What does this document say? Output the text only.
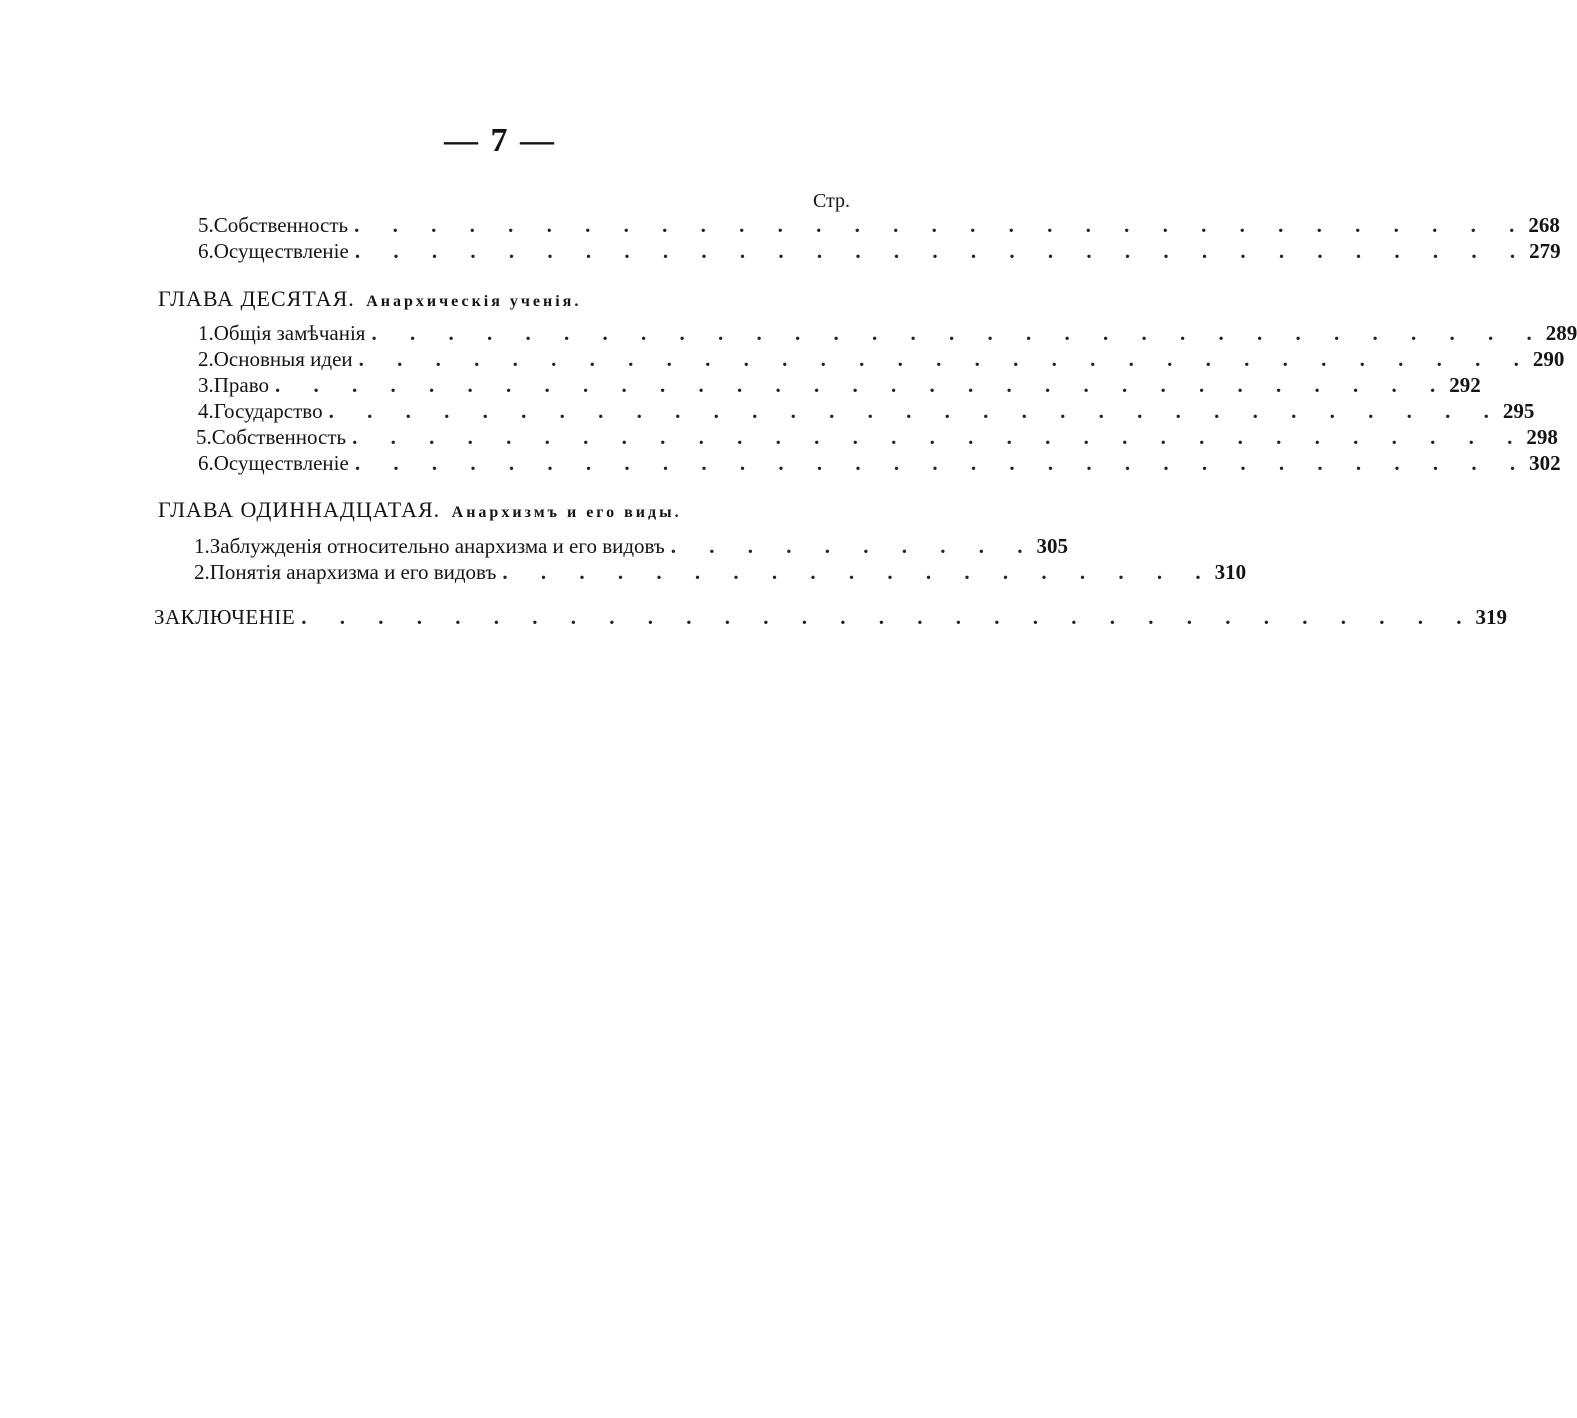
— 7 —
Стр.
5. Собственность . . . . . . . . . . . . . . . . . . . . . . . . . . . . . . . 268
6. Осуществленіе . . . . . . . . . . . . . . . . . . . . . . . . . . . . . . . 279
ГЛАВА ДЕСЯТАЯ. Анархическія ученія.
1. Общія замѣчанія . . . . . . . . . . . . . . . . . . . . . . . . . . . . . . . 289
2. Основныя идеи . . . . . . . . . . . . . . . . . . . . . . . . . . . . . . . 290
3. Право . . . . . . . . . . . . . . . . . . . . . . . . . . . . . . . 292
4. Государство . . . . . . . . . . . . . . . . . . . . . . . . . . . . . . . 295
5. Собственность . . . . . . . . . . . . . . . . . . . . . . . . . . . . . . . 298
6. Осуществленіе . . . . . . . . . . . . . . . . . . . . . . . . . . . . . . . 302
ГЛАВА ОДИННАДЦАТАЯ. Анархизмъ и его виды.
1. Заблужденія относительно анархизма и его видовъ . . . . . . . . . . 305
2. Понятія анархизма и его видовъ . . . . . . . . . . . . . . . . . . . 310
ЗАКЛЮЧЕНІЕ . . . . . . . . . . . . . . . . . . . . . . . . . . . . . . . 319
